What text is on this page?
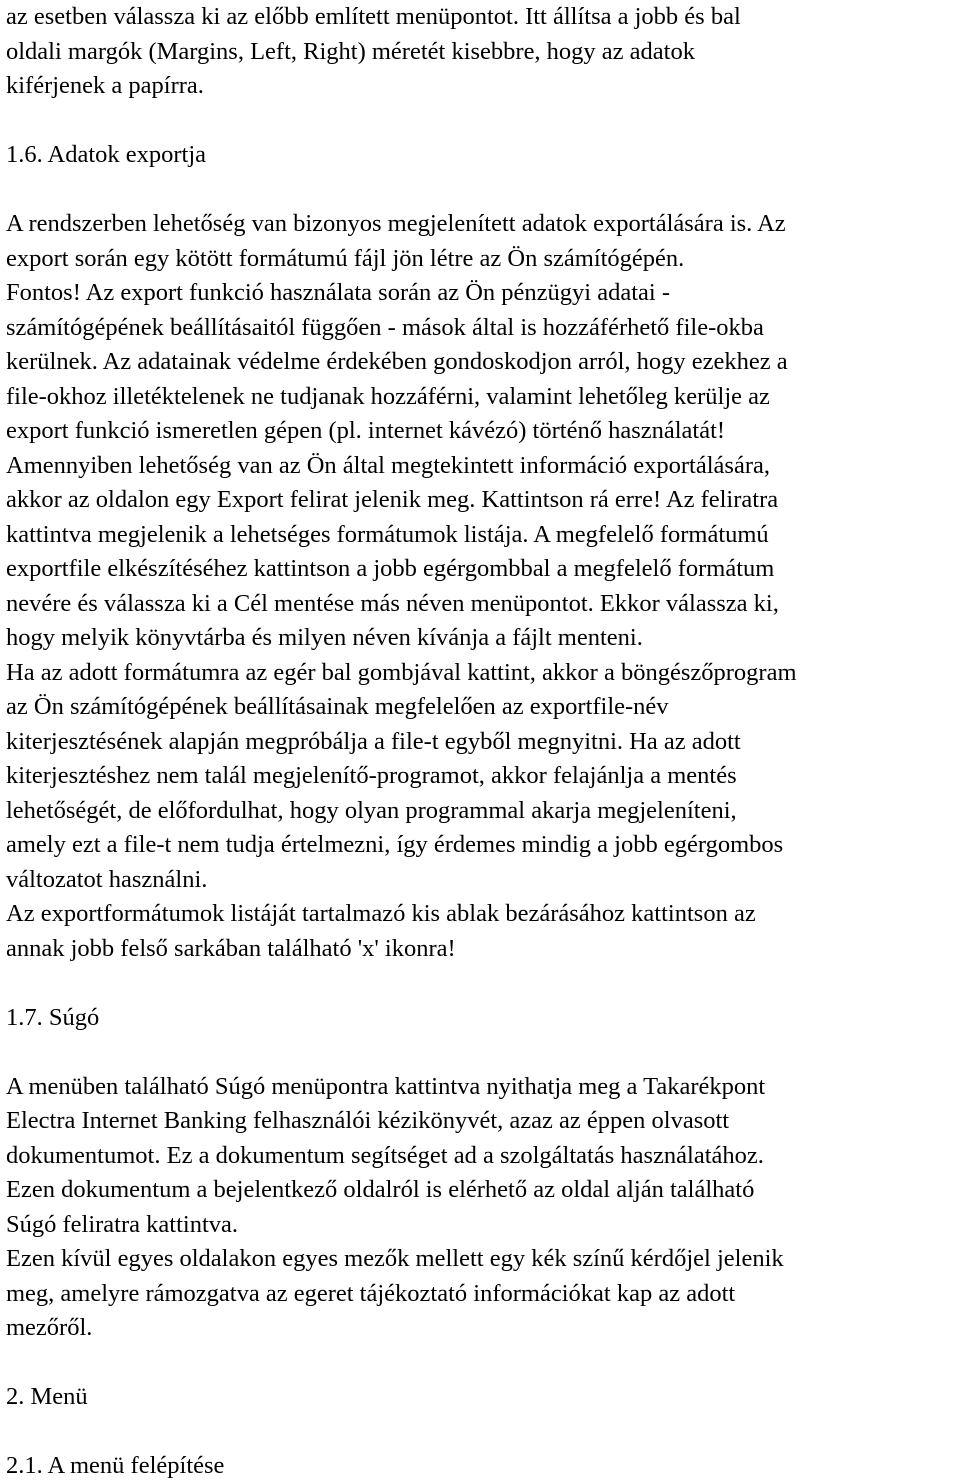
az esetben válassza ki az előbb említett menüpontot. Itt állítsa a jobb és bal
oldali margók (Margins, Left, Right) méretét kisebbre, hogy az adatok
kiférjenek a papírra.
1.6. Adatok exportja
A rendszerben lehetőség van bizonyos megjelenített adatok exportálására is. Az
export során egy kötött formátumú fájl jön létre az Ön számítógépén.
Fontos! Az export funkció használata során az Ön pénzügyi adatai -
számítógépének beállításaitól függően - mások által is hozzáférhető file-okba
kerülnek. Az adatainak védelme érdekében gondoskodjon arról, hogy ezekhez a
file-okhoz illetéktelenek ne tudjanak hozzáférni, valamint lehetőleg kerülje az
export funkció ismeretlen gépen (pl. internet kávézó) történő használatát!
Amennyiben lehetőség van az Ön által megtekintett információ exportálására,
akkor az oldalon egy Export felirat jelenik meg. Kattintson rá erre! Az feliratra
kattintva megjelenik a lehetséges formátumok listája. A megfelelő formátumú
exportfile elkészítéséhez kattintson a jobb egérgombbal a megfelelő formátum
nevére és válassza ki a Cél mentése más néven menüpontot. Ekkor válassza ki,
hogy melyik könyvtárba és milyen néven kívánja a fájlt menteni.
Ha az adott formátumra az egér bal gombjával kattint, akkor a böngészőprogram
az Ön számítógépének beállításainak megfelelően az exportfile-név
kiterjesztésének alapján megpróbálja a file-t egyből megnyitni. Ha az adott
kiterjesztéshez nem talál megjelenítő-programot, akkor felajánlja a mentés
lehetőségét, de előfordulhat, hogy olyan programmal akarja megjeleníteni,
amely ezt a file-t nem tudja értelmezni, így érdemes mindig a jobb egérgombos
változatot használni.
Az exportformátumok listáját tartalmazó kis ablak bezárásához kattintson az
annak jobb felső sarkában található 'x' ikonra!
1.7. Súgó
A menüben található Súgó menüpontra kattintva nyithatja meg a Takarékpont
Electra Internet Banking felhasználói kézikönyvét, azaz az éppen olvasott
dokumentumot. Ez a dokumentum segítséget ad a szolgáltatás használatához.
Ezen dokumentum a bejelentkező oldalról is elérhető az oldal alján található
Súgó feliratra kattintva.
Ezen kívül egyes oldalakon egyes mezők mellett egy kék színű kérdőjel jelenik
meg, amelyre rámozgatva az egeret tájékoztató információkat kap az adott
mezőről.
2. Menü
2.1. A menü felépítése
